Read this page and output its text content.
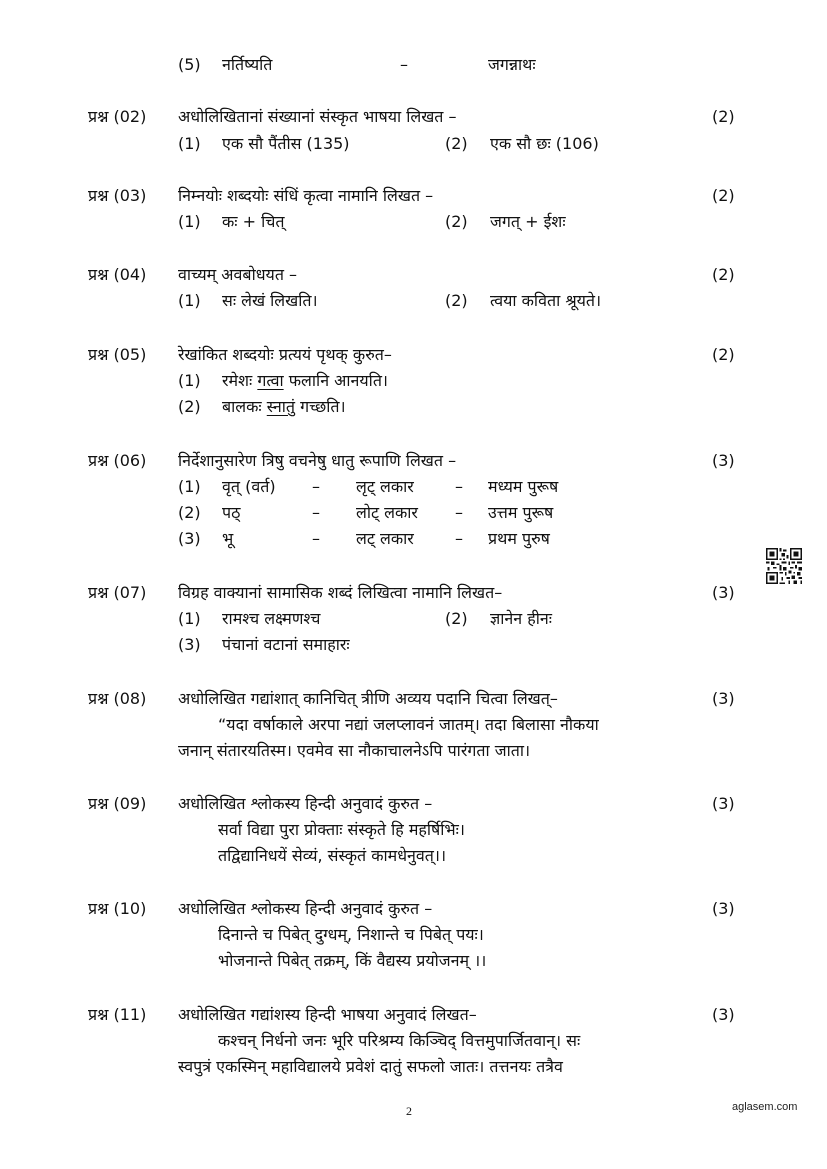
(5) नर्तिष्यति	–	जगन्नाथः
प्रश्न (02) अधोलिखितानां संख्यानां संस्कृत भाषया लिखत –	(2)
(1) एक सौ पैंतीस (135)	(2) एक सौ छः (106)
प्रश्न (03) निम्नयोः शब्दयोः संधिं कृत्वा नामानि लिखत –	(2)
(1) कः + चित्	(2) जगत् + ईशः
प्रश्न (04) वाच्यम् अवबोधयत –	(2)
(1) सः लेखं लिखति।	(2) त्वया कविता श्रूयते।
प्रश्न (05) रेखांकित शब्दयोः प्रत्ययं पृथक् कुरुत–	(2)
(1) रमेशः गत्वा फलानि आनयति।
(2) बालकः स्नातुं गच्छति।
प्रश्न (06) निर्देशानुसारेण त्रिषु वचनेषु धातु रूपाणि लिखत –	(3)
(1) वृत् (वर्त) – लृट् लकार	– मध्यम पुरूष
(2) पठ्	– लोट् लकार – उत्तम पुरूष
(3) भू	– लट् लकार	– प्रथम पुरुष
प्रश्न (07) विग्रह वाक्यानां सामासिक शब्दं लिखित्वा नामानि लिखत–	(3)
(1) रामश्च लक्ष्मणश्च	(2) ज्ञानेन हीनः
(3) पंचानां वटानां समाहारः
प्रश्न (08) अधोलिखित गद्यांशात् कानिचित् त्रीणि अव्यय पदानि चित्वा लिखत्–	(3)
“यदा वर्षाकाले अरपा नद्यां जलप्लावनं जातम्। तदा बिलासा नौकया
जनान् संतारयतिस्म। एवमेव सा नौकाचालनेऽपि पारंगता जाता।
प्रश्न (09) अधोलिखित श्लोकस्य हिन्दी अनुवादं कुरुत –	(3)
सर्वा विद्या पुरा प्रोक्ताः संस्कृते हि महर्षिभिः।
तद्विद्यानिधयें सेव्यं, संस्कृतं कामधेनुवत्।।
प्रश्न (10) अधोलिखित श्लोकस्य हिन्दी अनुवादं कुरुत –	(3)
दिनान्ते च पिबेत् दुग्धम्, निशान्ते च पिबेत् पयः।
भोजनान्ते पिबेत् तक्रम्, किं वैद्यस्य प्रयोजनम् ।।
प्रश्न (11) अधोलिखित गद्यांशस्य हिन्दी भाषया अनुवादं लिखत–	(3)
कश्चन् निर्धनो जनः भूरि परिश्रम्य किञ्चिद् वित्तमुपार्जितवान्। सः
स्वपुत्रं एकस्मिन् महाविद्यालये प्रवेशं दातुं सफलो जातः। तत्तनयः तत्रैव
2	aglasem.com
